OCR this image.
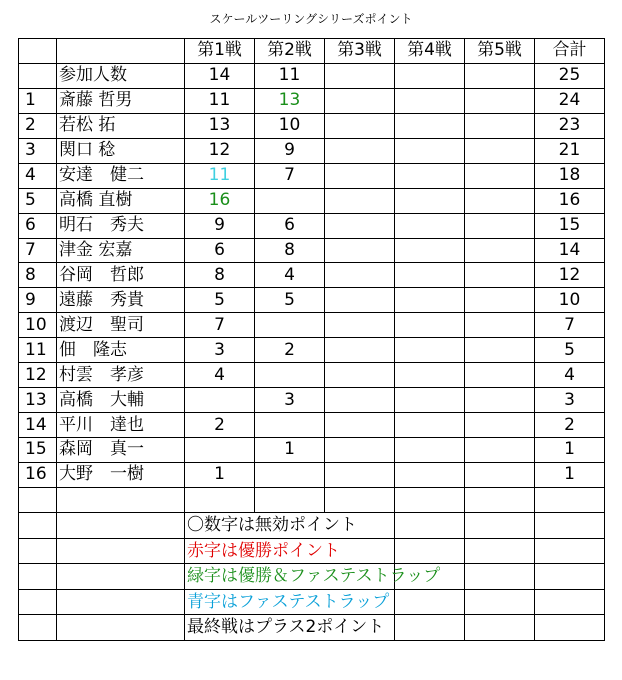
スケールツーリングシリーズポイント
		第1戦	第2戦	第3戦	第4戦	第5戦	合計
	参加人数	14	11				25
1	斎藤 哲男	11	13				24
2	若松 拓	13	10				23
3	関口 稔	12	9				21
4	安達　健二	11	7				18
5	高橋 直樹	16					16
6	明石　秀夫	9	6				15
7	津金 宏嘉	6	8				14
8	谷岡　哲郎	8	4				12
9	遠藤　秀貴	5	5				10
10	渡辺　聖司	7					7
11	佃　隆志	3	2				5
12	村雲　孝彦	4					4
13	高橋　大輔		3				3
14	平川　達也	2					2
15	森岡　真一		1				1
16	大野　一樹	1					1

		〇数字は無効ポイント					
		赤字は優勝ポイント					
		緑字は優勝＆ファステストラップ					
		青字はファステストラップ					
		最終戦はプラス2ポイント					
